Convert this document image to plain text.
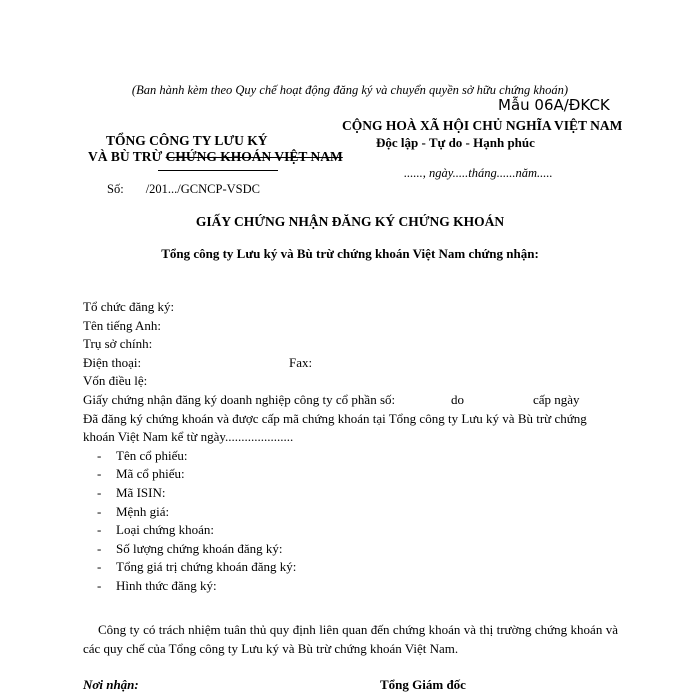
(Ban hành kèm theo Quy chế hoạt động đăng ký và chuyển quyền sở hữu chứng khoán)
Mẫu 06A/ĐKCK
TỔNG CÔNG TY LƯU KÝ
VÀ BÙ TRỪ CHỨNG KHOÁN VIỆT NAM
CỘNG HOÀ XÃ HỘI CHỦ NGHĨA VIỆT NAM
Độc lập - Tự do - Hạnh phúc
......, ngày.....tháng......năm.....
Số: /201.../GCNCP-VSDC
GIẤY CHỨNG NHẬN ĐĂNG KÝ CHỨNG KHOÁN
Tổng công ty Lưu ký và Bù trừ chứng khoán Việt Nam chứng nhận:
Tổ chức đăng ký:
Tên tiếng Anh:
Trụ sở chính:
Điện thoại:	Fax:
Vốn điều lệ:
Giấy chứng nhận đăng ký doanh nghiệp công ty cổ phần số:	do	cấp ngày
Đã đăng ký chứng khoán và được cấp mã chứng khoán tại Tổng công ty Lưu ký và Bù trừ chứng khoán Việt Nam kể từ ngày.....................
- Tên cổ phiếu:
- Mã cổ phiếu:
- Mã ISIN:
- Mệnh giá:
- Loại chứng khoán:
- Số lượng chứng khoán đăng ký:
- Tổng giá trị chứng khoán đăng ký:
- Hình thức đăng ký:
Công ty có trách nhiệm tuân thủ quy định liên quan đến chứng khoán và thị trường chứng khoán và các quy chế của Tổng công ty Lưu ký và Bù trừ chứng khoán Việt Nam.
Nơi nhận:	Tổng Giám đốc
